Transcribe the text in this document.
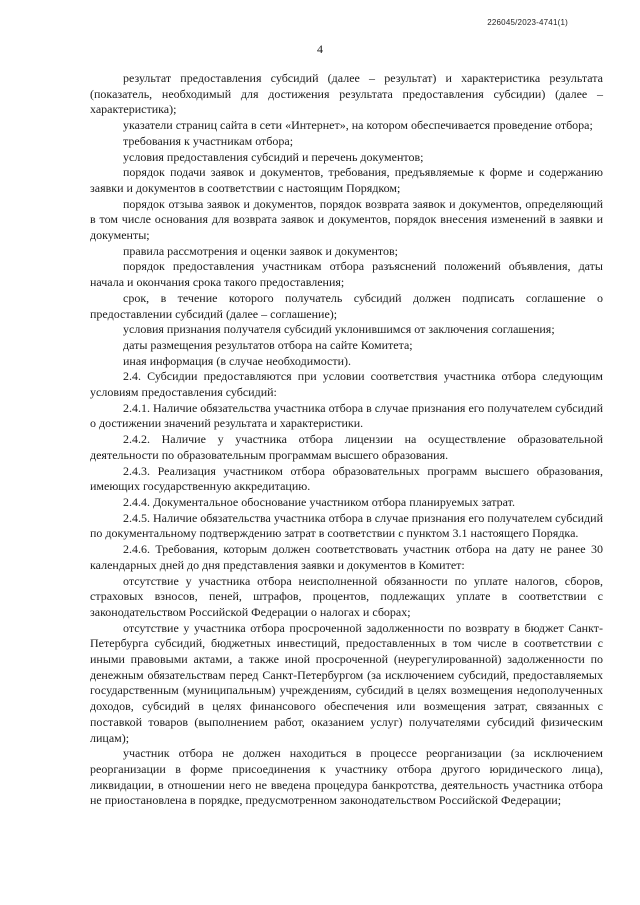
226045/2023-4741(1)
4

результат предоставления субсидий (далее – результат) и характеристика результата (показатель, необходимый для достижения результата предоставления субсидии) (далее – характеристика);

указатели страниц сайта в сети «Интернет», на котором обеспечивается проведение отбора;

требования к участникам отбора;

условия предоставления субсидий и перечень документов;

порядок подачи заявок и документов, требования, предъявляемые к форме и содержанию заявки и документов в соответствии с настоящим Порядком;

порядок отзыва заявок и документов, порядок возврата заявок и документов, определяющий в том числе основания для возврата заявок и документов, порядок внесения изменений в заявки и документы;

правила рассмотрения и оценки заявок и документов;

порядок предоставления участникам отбора разъяснений положений объявления, даты начала и окончания срока такого предоставления;

срок, в течение которого получатель субсидий должен подписать соглашение о предоставлении субсидий (далее – соглашение);

условия признания получателя субсидий уклонившимся от заключения соглашения;

даты размещения результатов отбора на сайте Комитета;

иная информация (в случае необходимости).

2.4. Субсидии предоставляются при условии соответствия участника отбора следующим условиям предоставления субсидий:

2.4.1. Наличие обязательства участника отбора в случае признания его получателем субсидий о достижении значений результата и характеристики.

2.4.2. Наличие у участника отбора лицензии на осуществление образовательной деятельности по образовательным программам высшего образования.

2.4.3. Реализация участником отбора образовательных программ высшего образования, имеющих государственную аккредитацию.

2.4.4. Документальное обоснование участником отбора планируемых затрат.

2.4.5. Наличие обязательства участника отбора в случае признания его получателем субсидий по документальному подтверждению затрат в соответствии с пунктом 3.1 настоящего Порядка.

2.4.6. Требования, которым должен соответствовать участник отбора на дату не ранее 30 календарных дней до дня представления заявки и документов в Комитет:

отсутствие у участника отбора неисполненной обязанности по уплате налогов, сборов, страховых взносов, пеней, штрафов, процентов, подлежащих уплате в соответствии с законодательством Российской Федерации о налогах и сборах;

отсутствие у участника отбора просроченной задолженности по возврату в бюджет Санкт-Петербурга субсидий, бюджетных инвестиций, предоставленных в том числе в соответствии с иными правовыми актами, а также иной просроченной (неурегулированной) задолженности по денежным обязательствам перед Санкт-Петербургом (за исключением субсидий, предоставляемых государственным (муниципальным) учреждениям, субсидий в целях возмещения недополученных доходов, субсидий в целях финансового обеспечения или возмещения затрат, связанных с поставкой товаров (выполнением работ, оказанием услуг) получателями субсидий физическим лицам);

участник отбора не должен находиться в процессе реорганизации (за исключением реорганизации в форме присоединения к участнику отбора другого юридического лица), ликвидации, в отношении него не введена процедура банкротства, деятельность участника отбора не приостановлена в порядке, предусмотренном законодательством Российской Федерации;
